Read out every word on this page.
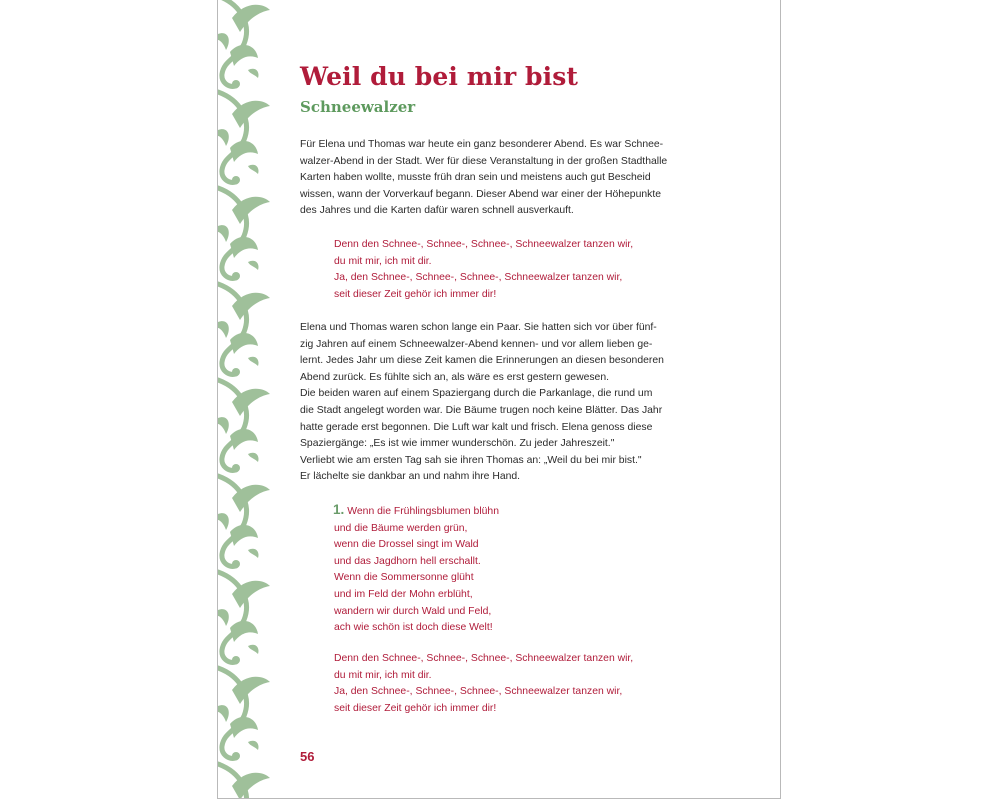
Weil du bei mir bist
Schneewalzer

Für Elena und Thomas war heute ein ganz besonderer Abend. Es war Schnee-
walzer-Abend in der Stadt. Wer für diese Veranstaltung in der großen Stadthalle
Karten haben wollte, musste früh dran sein und meistens auch gut Bescheid
wissen, wann der Vorverkauf begann. Dieser Abend war einer der Höhepunkte
des Jahres und die Karten dafür waren schnell ausverkauft.

Denn den Schnee-, Schnee-, Schnee-, Schneewalzer tanzen wir,
du mit mir, ich mit dir.
Ja, den Schnee-, Schnee-, Schnee-, Schneewalzer tanzen wir,
seit dieser Zeit gehör ich immer dir!

Elena und Thomas waren schon lange ein Paar. Sie hatten sich vor über fünf-
zig Jahren auf einem Schneewalzer-Abend kennen- und vor allem lieben ge-
lernt. Jedes Jahr um diese Zeit kamen die Erinnerungen an diesen besonderen
Abend zurück. Es fühlte sich an, als wäre es erst gestern gewesen.
Die beiden waren auf einem Spaziergang durch die Parkanlage, die rund um
die Stadt angelegt worden war. Die Bäume trugen noch keine Blätter. Das Jahr
hatte gerade erst begonnen. Die Luft war kalt und frisch. Elena genoss diese
Spaziergänge: „Es ist wie immer wunderschön. Zu jeder Jahreszeit."
Verliebt wie am ersten Tag sah sie ihren Thomas an: „Weil du bei mir bist."
Er lächelte sie dankbar an und nahm ihre Hand.

1. Wenn die Frühlingsblumen blühn
und die Bäume werden grün,
wenn die Drossel singt im Wald
und das Jagdhorn hell erschallt.
Wenn die Sommersonne glüht
und im Feld der Mohn erblüht,
wandern wir durch Wald und Feld,
ach wie schön ist doch diese Welt!

Denn den Schnee-, Schnee-, Schnee-, Schneewalzer tanzen wir,
du mit mir, ich mit dir.
Ja, den Schnee-, Schnee-, Schnee-, Schneewalzer tanzen wir,
seit dieser Zeit gehör ich immer dir!

56
